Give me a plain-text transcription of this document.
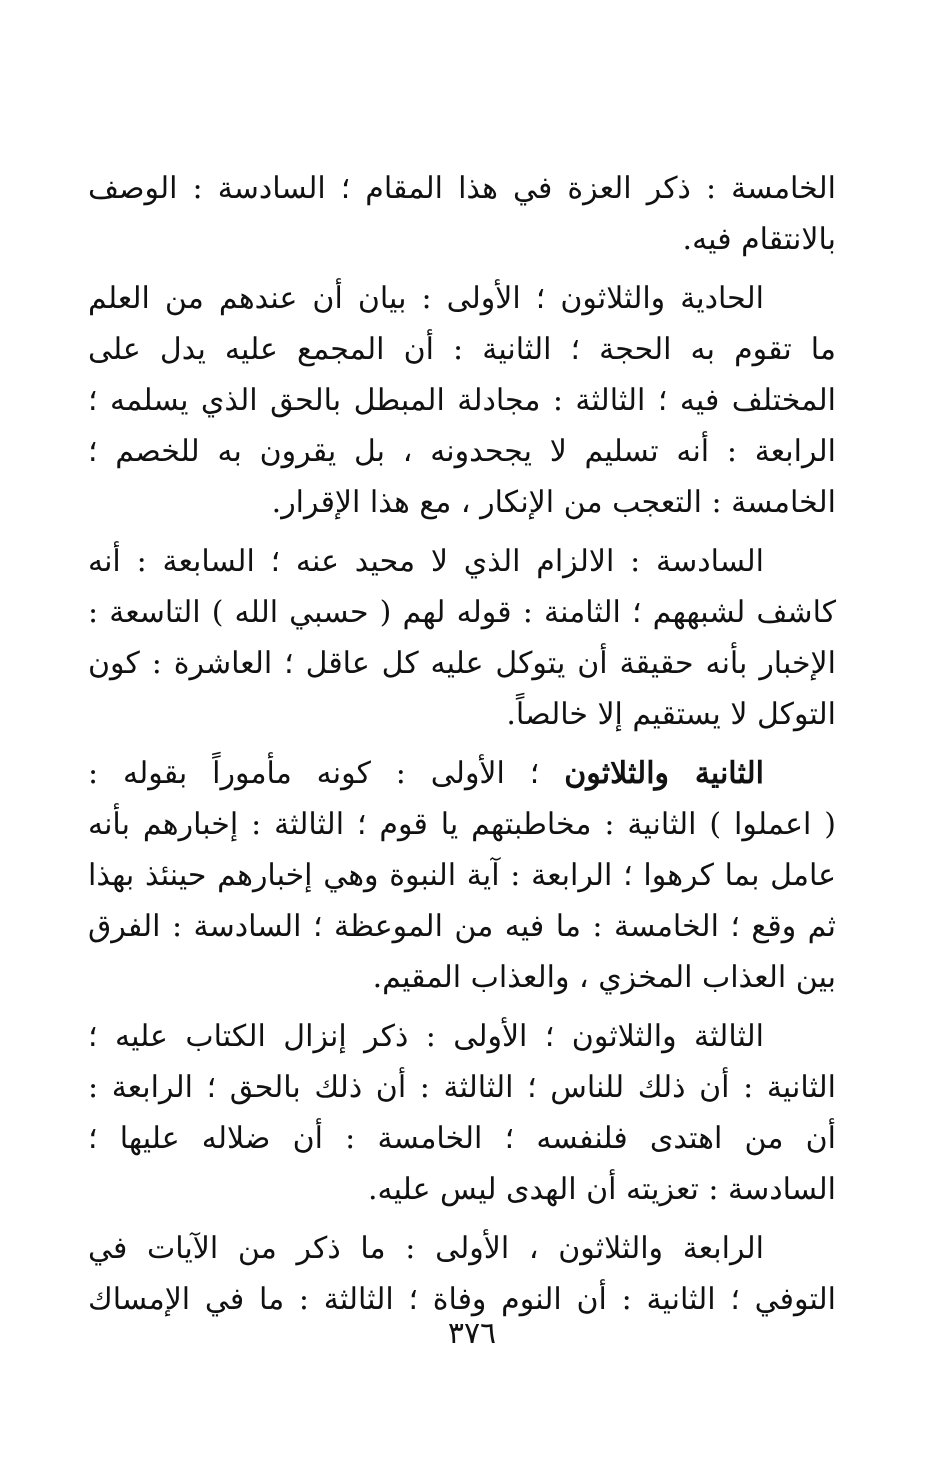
الخامسة : ذكر العزة في هذا المقام ؛ السادسة : الوصف
بالانتقام فيه.
الحادية والثلاثون ؛ الأولى : بيان أن عندهم من العلم
ما تقوم به الحجة ؛ الثانية : أن المجمع عليه يدل على
المختلف فيه ؛ الثالثة : مجادلة المبطل بالحق الذي يسلمه ؛
الرابعة : أنه تسليم لا يجحدونه ، بل يقرون به للخصم ؛
الخامسة : التعجب من الإنكار ، مع هذا الإقرار.
السادسة : الالزام الذي لا محيد عنه ؛ السابعة : أنه
كاشف لشبههم ؛ الثامنة : قوله لهم ( حسبي الله ) التاسعة :
الإخبار بأنه حقيقة أن يتوكل عليه كل عاقل ؛ العاشرة : كون
التوكل لا يستقيم إلا خالصاً.
الثانية والثلاثون ؛ الأولى : كونه مأموراً بقوله :
( اعملوا ) الثانية : مخاطبتهم يا قوم ؛ الثالثة : إخبارهم بأنه
عامل بما كرهوا ؛ الرابعة : آية النبوة وهي إخبارهم حينئذ بهذا
ثم وقع ؛ الخامسة : ما فيه من الموعظة ؛ السادسة : الفرق
بين العذاب المخزي ، والعذاب المقيم.
الثالثة والثلاثون ؛ الأولى : ذكر إنزال الكتاب عليه ؛
الثانية : أن ذلك للناس ؛ الثالثة : أن ذلك بالحق ؛ الرابعة :
أن من اهتدى فلنفسه ؛ الخامسة : أن ضلاله عليها ؛
السادسة : تعزيته أن الهدى ليس عليه.
الرابعة والثلاثون ، الأولى : ما ذكر من الآيات في
التوفي ؛ الثانية : أن النوم وفاة ؛ الثالثة : ما في الإمساك
٣٧٦
